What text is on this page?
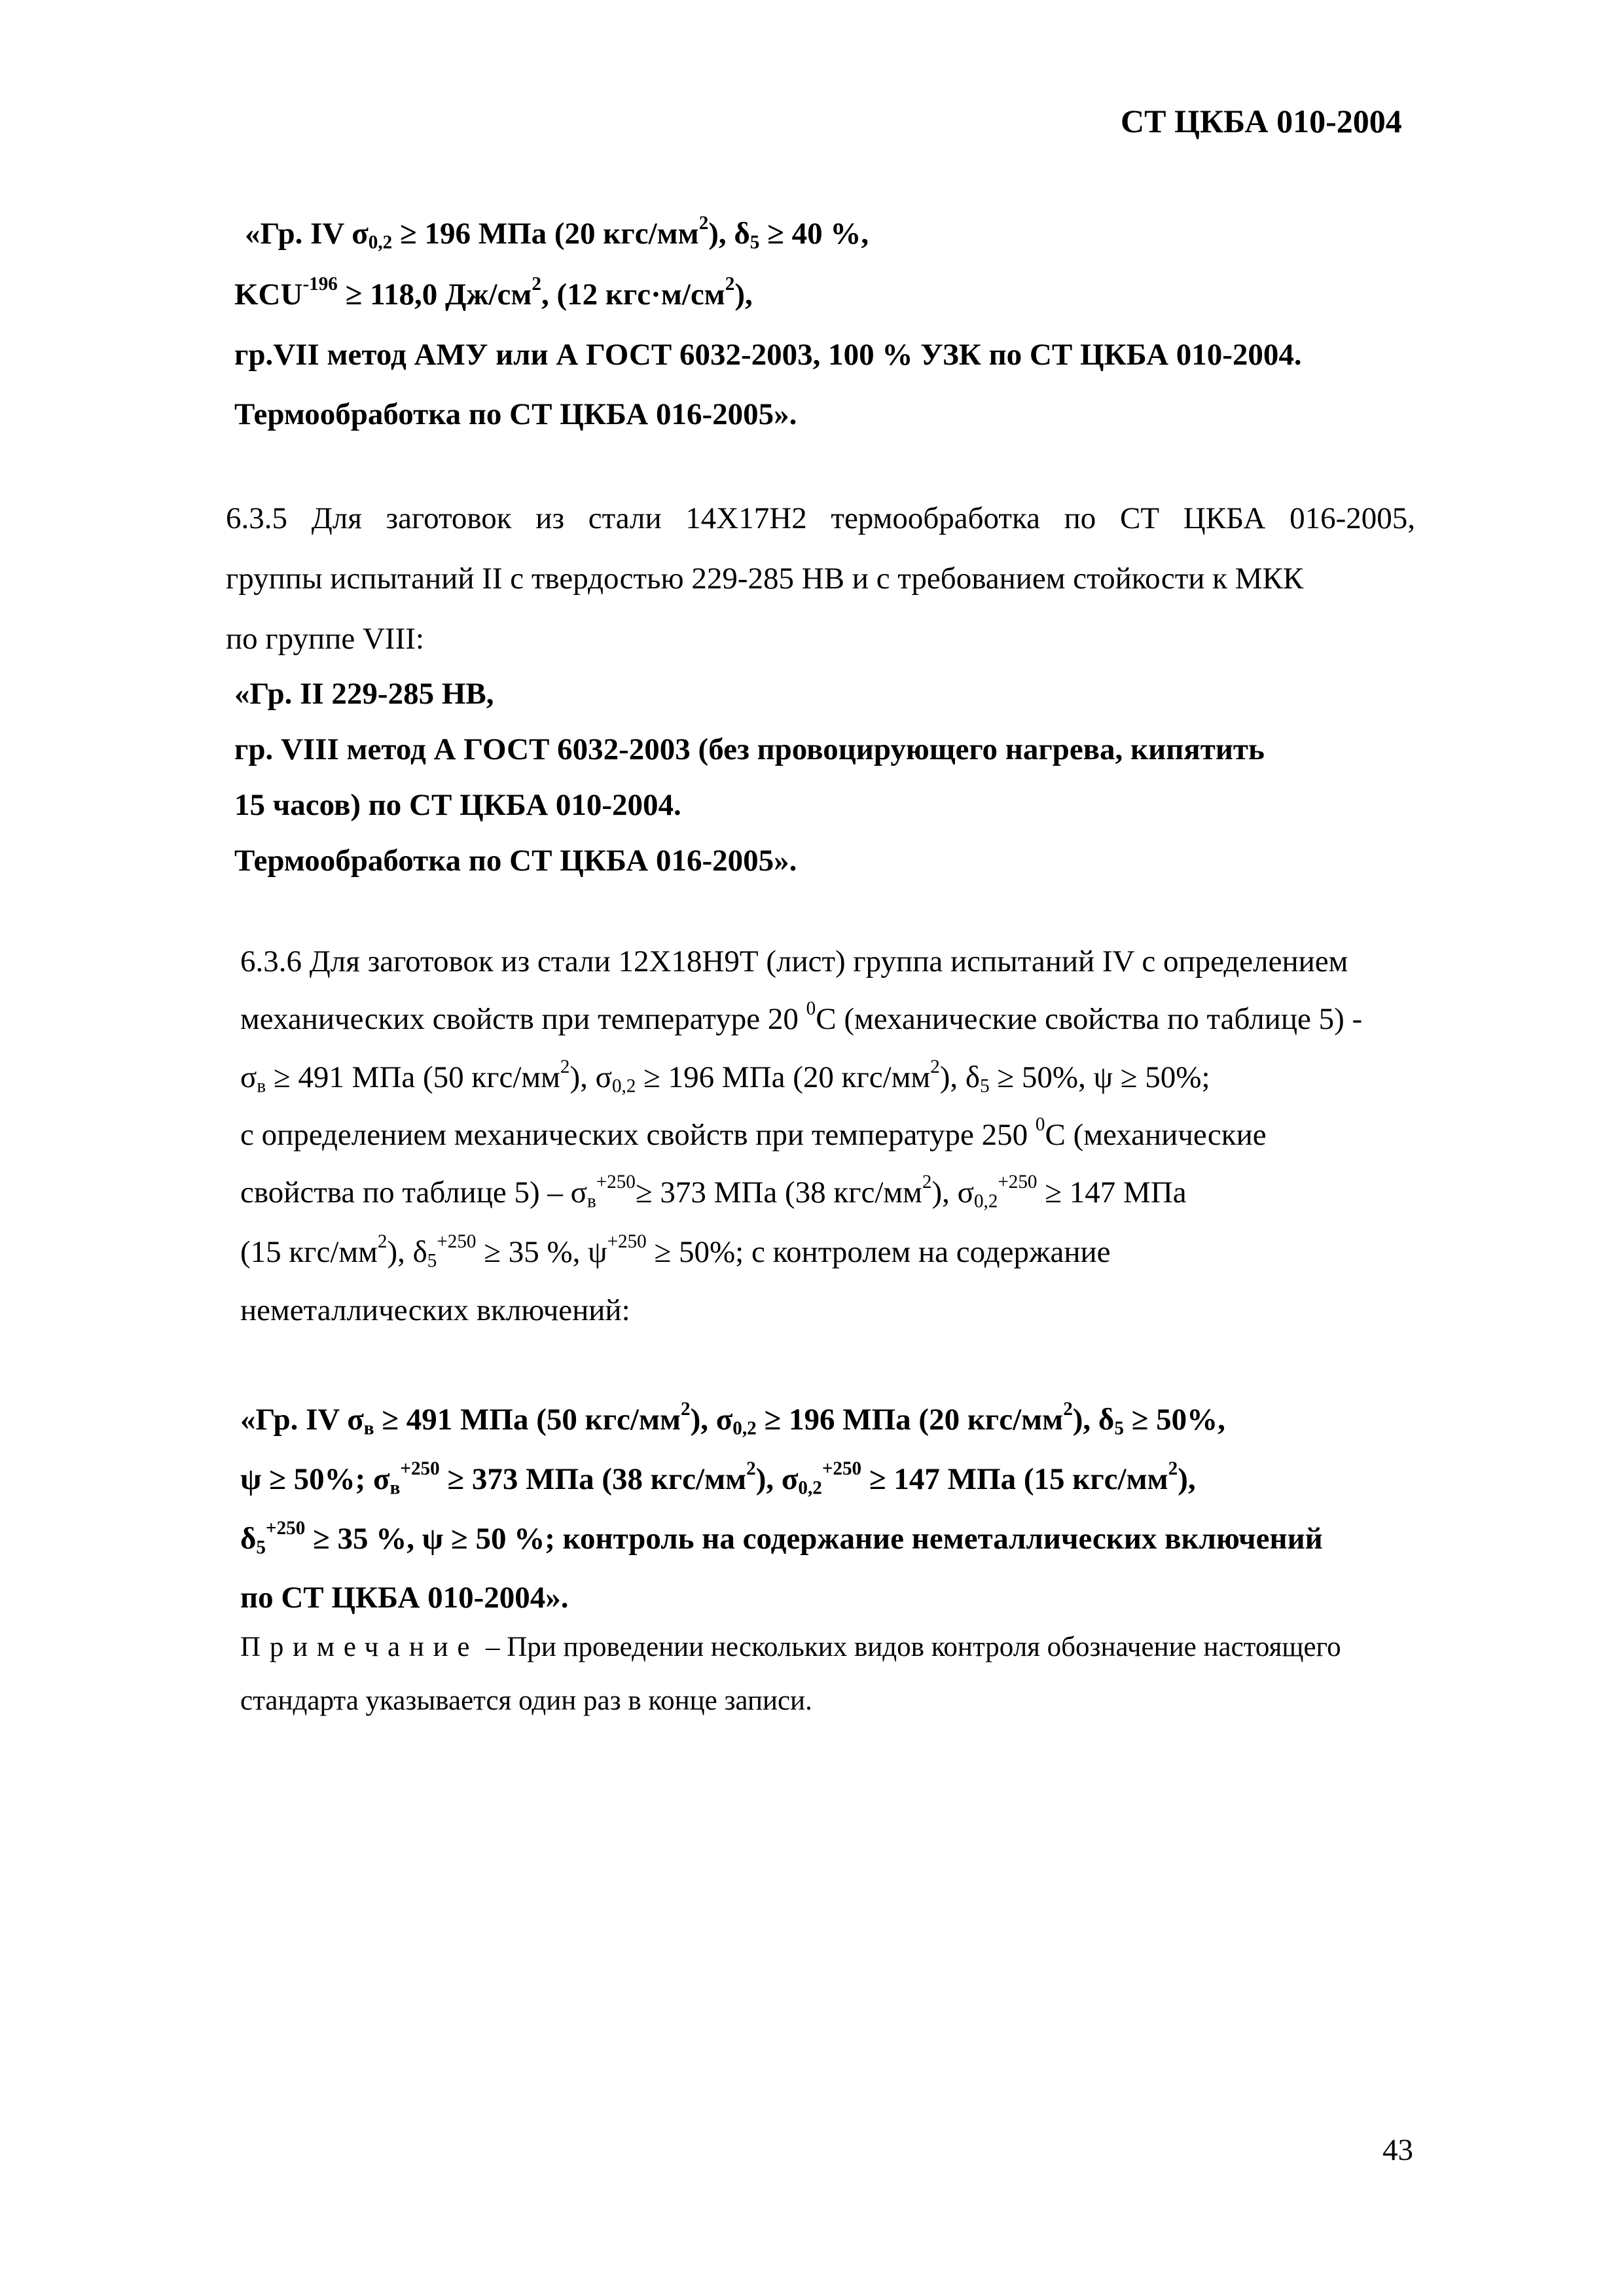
СТ ЦКБА 010-2004
«Гр. IV $\sigma_{0,2} \ge 196$ МПа (20 кгс/$мм^2$), $\delta_5 \ge 40$ %,
$KCU^{-196} \ge 118,0$ $Дж/см^2$, (12 $кгс\cdot м/см^2$),
гр.VII метод АМУ или А ГОСТ 6032-2003, 100 % УЗК по СТ ЦКБА 010-2004.
Термообработка по СТ ЦКБА 016-2005».
6.3.5 Для заготовок из стали 14Х17Н2 термообработка по СТ ЦКБА 016-2005,
группы испытаний II с твердостью 229-285 НВ и с требованием стойкости к МКК
по группе VIII:
«Гр. II 229-285 НВ,
гр. VIII метод А ГОСТ 6032-2003 (без провоцирующего нагрева, кипятить
15 часов) по СТ ЦКБА 010-2004.
Термообработка по СТ ЦКБА 016-2005».
6.3.6 Для заготовок из стали 12Х18Н9Т (лист) группа испытаний IV с определением
механических свойств при температуре 20 $^0$С (механические свойства по таблице 5) -
$\sigma_в \ge 491$ МПа (50 кгс/$мм^2$), $\sigma_{0,2} \ge 196$ МПа (20 кгс/$мм^2$), $\delta_5 \ge 50\%$, ψ ≥ 50%;
с определением механических свойств при температуре 250 $^0$С (механические
свойства по таблице $5) - \sigma_в^{+250}\ge 373$ МПа (38 кгс/$мм^2$), $\sigma_{0,2}^{+250} \ge 147$ МПа
(15 кгс/$мм^2$), $\delta_5^{+250} \ge 35$ %, $\psi^{+250} \ge 50\%$; с контролем на содержание
неметаллических включений:
«Гр. IV $\sigma_в \ge 491$ МПа (50 кгс/$мм^2$), $\sigma_{0,2} \ge 196$ МПа (20 кгс/$мм^2$), $\delta_5 \ge 50\%$,
ψ ≥ 50%; $\sigma_в^{+250} \ge 373$ МПа (38 кгс/$мм^2$), $\sigma_{0,2}^{+250} \ge 147$ МПа (15 кгс/$мм^2$),
$\delta_5^{+250} \ge 35$ %, ψ ≥ 50 %; контроль на содержание неметаллических включений
по СТ ЦКБА 010-2004».
Примечание – При проведении нескольких видов контроля обозначение настоящего
стандарта указывается один раз в конце записи.
43
